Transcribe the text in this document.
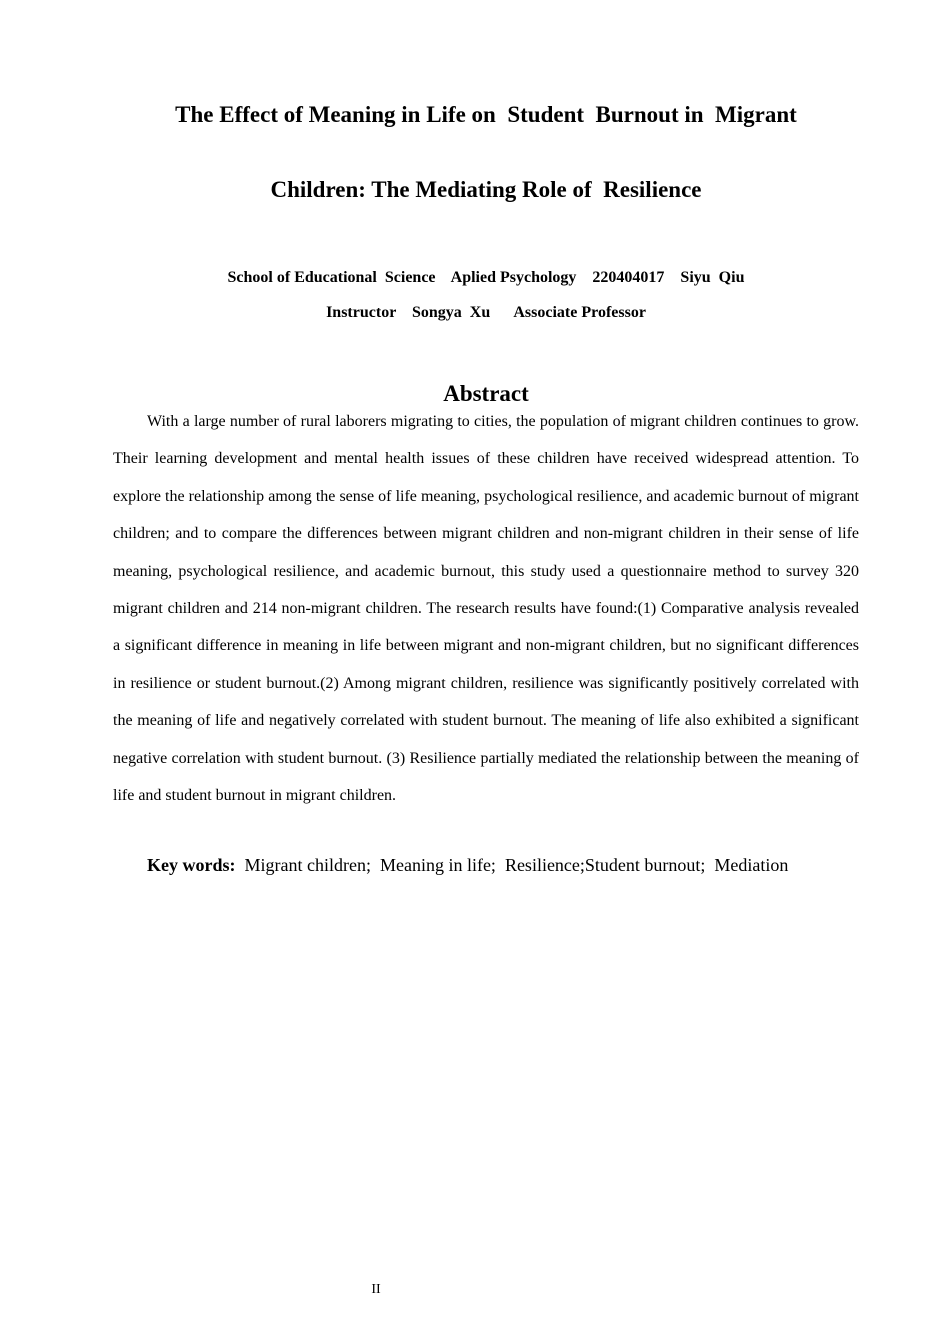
The Effect of Meaning in Life on  Student  Burnout in  Migrant
Children: The Mediating Role of  Resilience
School of Educational  Science    Aplied Psychology    220404017    Siyu  Qiu
Instructor    Songya  Xu      Associate Professor
Abstract

With a large number of rural laborers migrating to cities, the population of migrant children continues to grow. Their learning development and mental health issues of these children have received widespread attention. To explore the relationship among the sense of life meaning, psychological resilience, and academic burnout of migrant children; and to compare the differences between migrant children and non-migrant children in their sense of life meaning, psychological resilience, and academic burnout, this study used a questionnaire method to survey 320 migrant children and 214 non-migrant children. The research results have found:(1) Comparative analysis revealed a significant difference in meaning in life between migrant and non-migrant children, but no significant differences in resilience or student burnout.(2) Among migrant children, resilience was significantly positively correlated with the meaning of life and negatively correlated with student burnout. The meaning of life also exhibited a significant negative correlation with student burnout. (3) Resilience partially mediated the relationship between the meaning of life and student burnout in migrant children.

Key words:  Migrant children;  Meaning in life;  Resilience;Student burnout;  Mediation
II
